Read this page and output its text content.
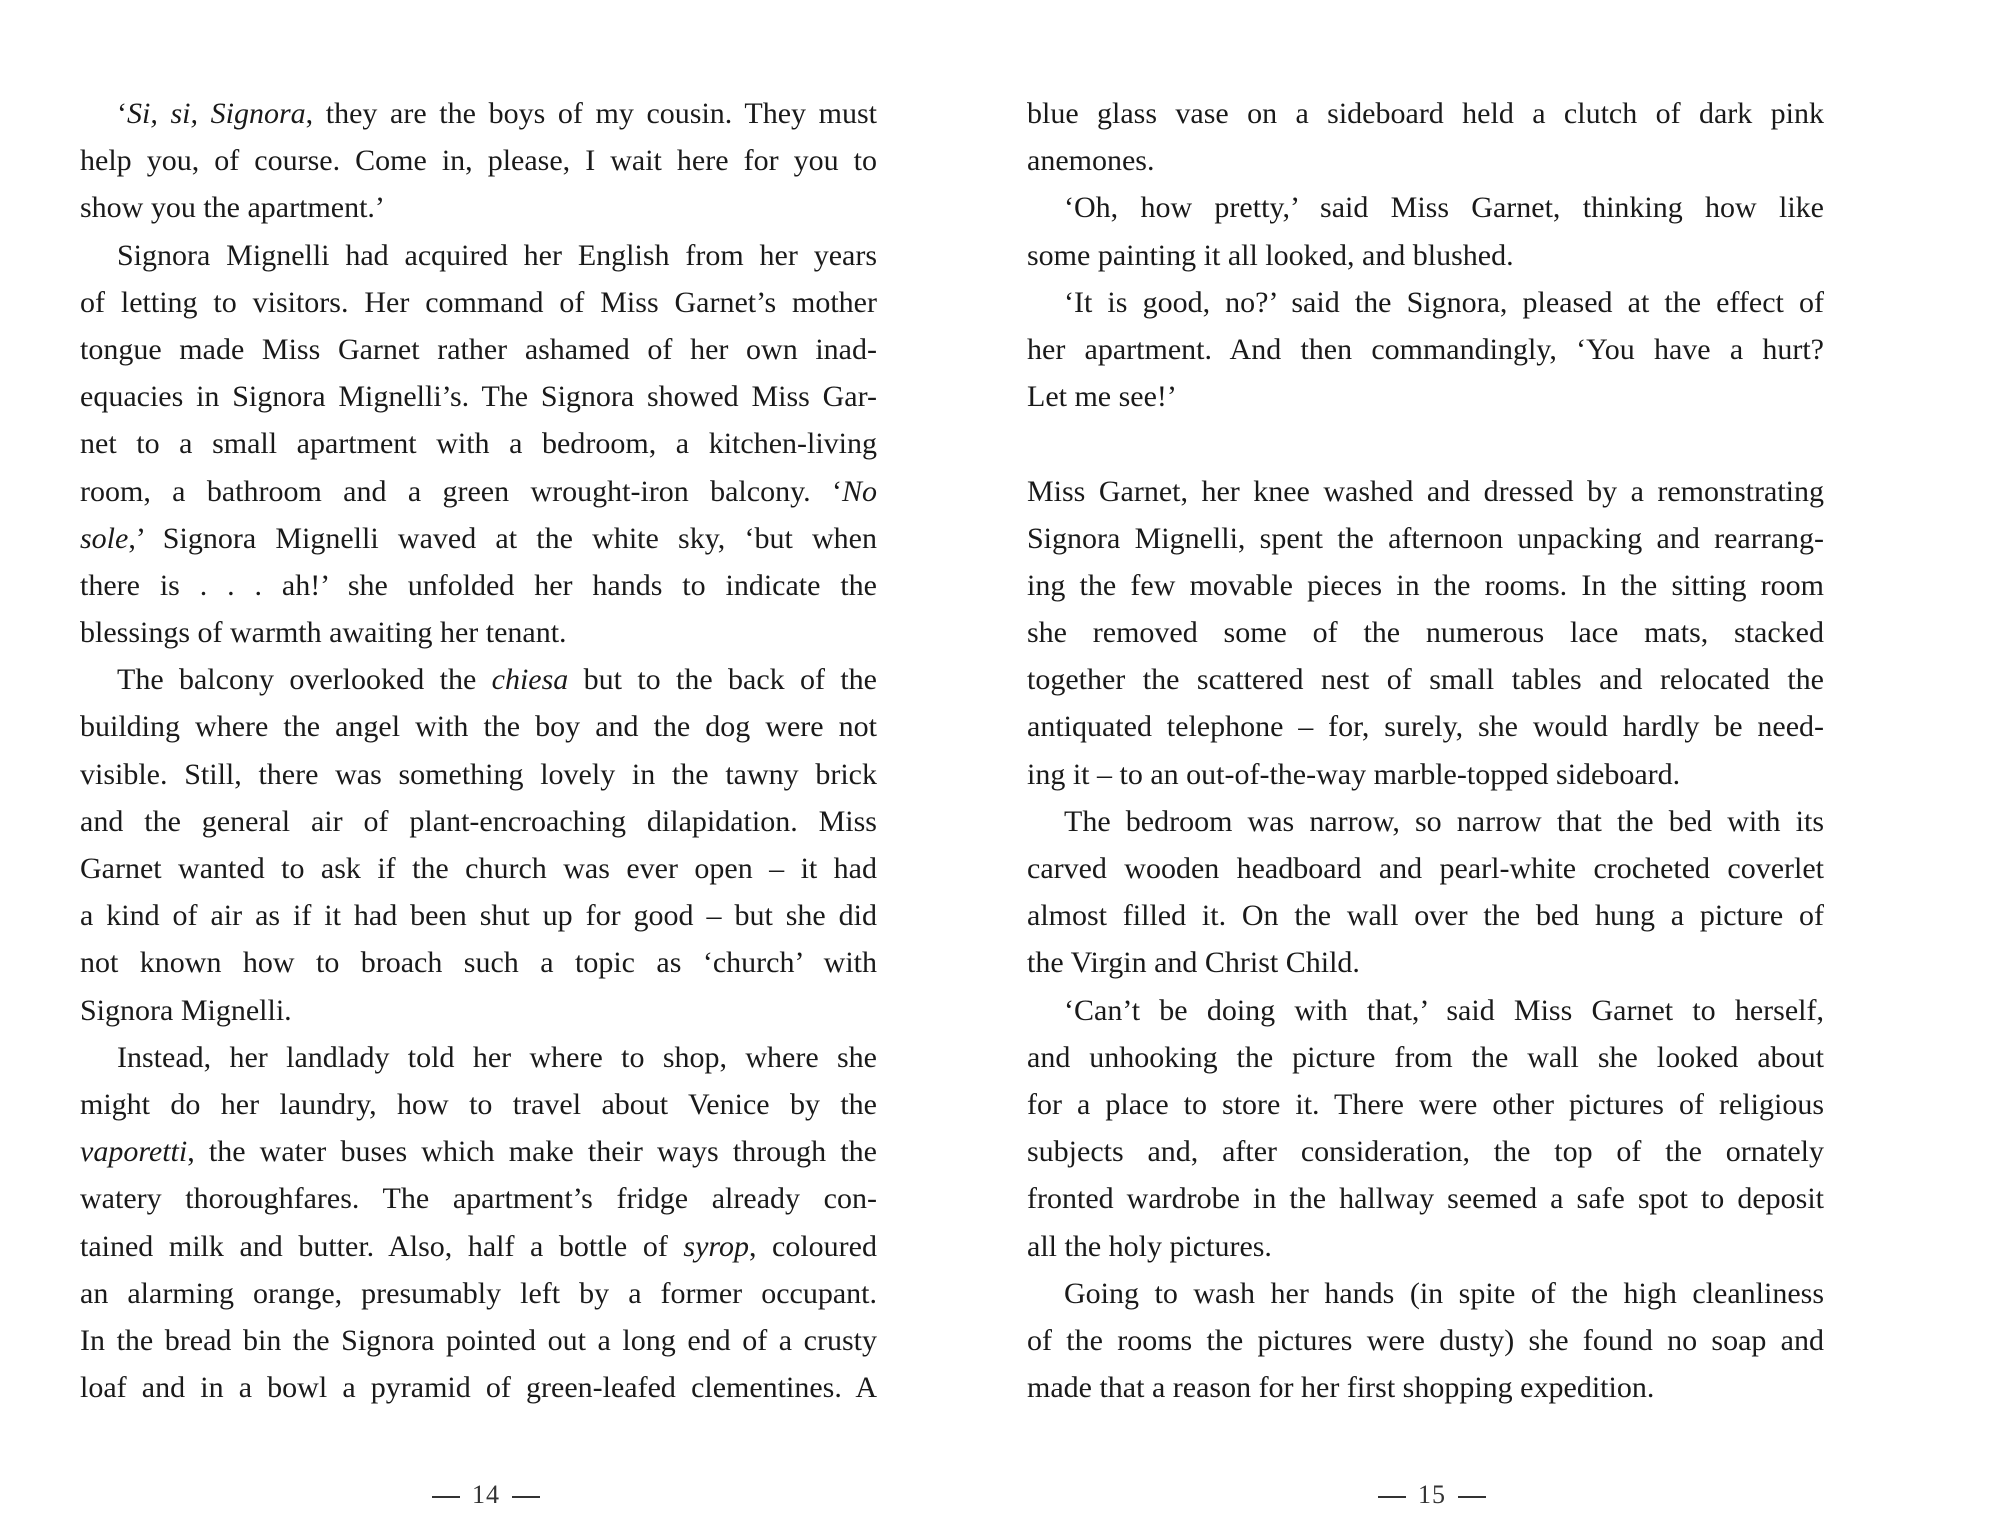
‘Si, si, Signora, they are the boys of my cousin. They must
help you, of course. Come in, please, I wait here for you to
show you the apartment.’
Signora Mignelli had acquired her English from her years
of letting to visitors. Her command of Miss Garnet’s mother
tongue made Miss Garnet rather ashamed of her own inad-
equacies in Signora Mignelli’s. The Signora showed Miss Gar-
net to a small apartment with a bedroom, a kitchen-living
room, a bathroom and a green wrought-iron balcony. ‘No
sole,’ Signora Mignelli waved at the white sky, ‘but when
there is . . . ah!’ she unfolded her hands to indicate the
blessings of warmth awaiting her tenant.
The balcony overlooked the chiesa but to the back of the
building where the angel with the boy and the dog were not
visible. Still, there was something lovely in the tawny brick
and the general air of plant-encroaching dilapidation. Miss
Garnet wanted to ask if the church was ever open – it had
a kind of air as if it had been shut up for good – but she did
not known how to broach such a topic as ‘church’ with
Signora Mignelli.
Instead, her landlady told her where to shop, where she
might do her laundry, how to travel about Venice by the
vaporetti, the water buses which make their ways through the
watery thoroughfares. The apartment’s fridge already con-
tained milk and butter. Also, half a bottle of syrop, coloured
an alarming orange, presumably left by a former occupant.
In the bread bin the Signora pointed out a long end of a crusty
loaf and in a bowl a pyramid of green-leafed clementines. A
blue glass vase on a sideboard held a clutch of dark pink
anemones.
‘Oh, how pretty,’ said Miss Garnet, thinking how like
some painting it all looked, and blushed.
‘It is good, no?’ said the Signora, pleased at the effect of
her apartment. And then commandingly, ‘You have a hurt?
Let me see!’
Miss Garnet, her knee washed and dressed by a remonstrating
Signora Mignelli, spent the afternoon unpacking and rearrang-
ing the few movable pieces in the rooms. In the sitting room
she removed some of the numerous lace mats, stacked
together the scattered nest of small tables and relocated the
antiquated telephone – for, surely, she would hardly be need-
ing it – to an out-of-the-way marble-topped sideboard.
The bedroom was narrow, so narrow that the bed with its
carved wooden headboard and pearl-white crocheted coverlet
almost filled it. On the wall over the bed hung a picture of
the Virgin and Christ Child.
‘Can’t be doing with that,’ said Miss Garnet to herself,
and unhooking the picture from the wall she looked about
for a place to store it. There were other pictures of religious
subjects and, after consideration, the top of the ornately
fronted wardrobe in the hallway seemed a safe spot to deposit
all the holy pictures.
Going to wash her hands (in spite of the high cleanliness
of the rooms the pictures were dusty) she found no soap and
made that a reason for her first shopping expedition.
14	15
